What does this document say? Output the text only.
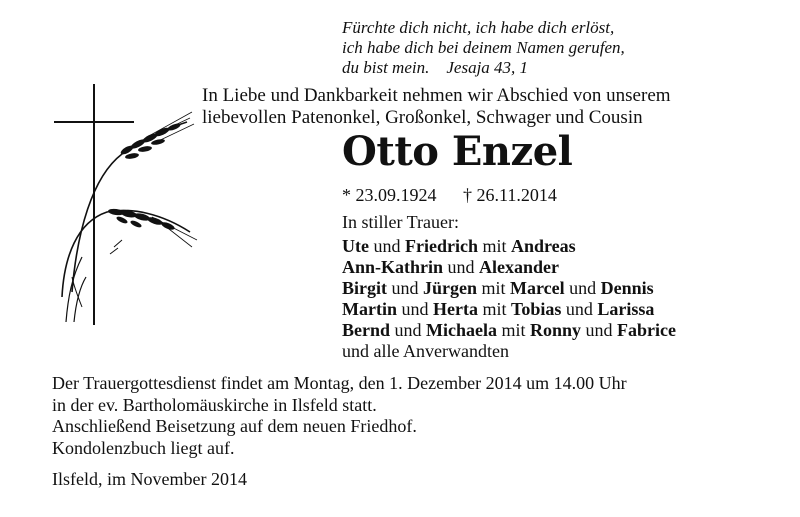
Fürchte dich nicht, ich habe dich erlöst,
ich habe dich bei deinem Namen gerufen,
du bist mein.    Jesaja 43, 1
In Liebe und Dankbarkeit nehmen wir Abschied von unserem
liebevollen Patenonkel, Großonkel, Schwager und Cousin
Otto Enzel
* 23.09.1924 † 26.11.2014
In stiller Trauer:
Ute und Friedrich mit Andreas
Ann-Kathrin und Alexander
Birgit und Jürgen mit Marcel und Dennis
Martin und Herta mit Tobias und Larissa
Bernd und Michaela mit Ronny und Fabrice
und alle Anverwandten
Der Trauergottesdienst findet am Montag, den 1. Dezember 2014 um 14.00 Uhr
in der ev. Bartholomäuskirche in Ilsfeld statt.
Anschließend Beisetzung auf dem neuen Friedhof.
Kondolenzbuch liegt auf.
Ilsfeld, im November 2014
